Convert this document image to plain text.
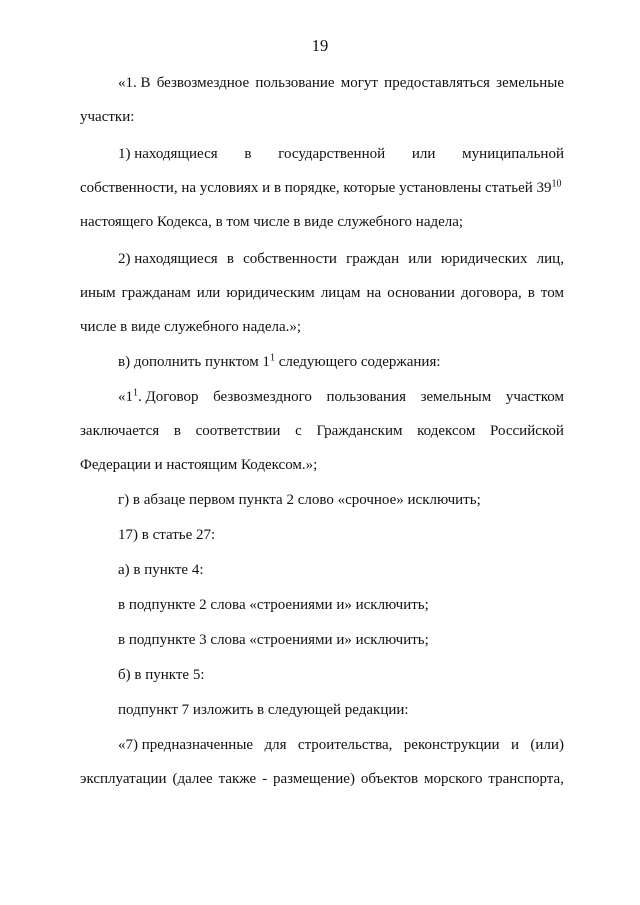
19
«1. В безвозмездное пользование могут предоставляться земельные
участки:
1) находящиеся в государственной или муниципальной
собственности, на условиях и в порядке, которые установлены статьей $39^{10}$
настоящего Кодекса, в том числе в виде служебного надела;
2) находящиеся в собственности граждан или юридических лиц,
иным гражданам или юридическим лицам на основании договора, в том
числе в виде служебного надела.»;
в) дополнить пунктом $1^1$ следующего содержания:
«$1^1$. Договор безвозмездного пользования земельным участком
заключается в соответствии с Гражданским кодексом Российской
Федерации и настоящим Кодексом.»;
г) в абзаце первом пункта 2 слово «срочное» исключить;
17) в статье 27:
а) в пункте 4:
в подпункте 2 слова «строениями и» исключить;
в подпункте 3 слова «строениями и» исключить;
б) в пункте 5:
подпункт 7 изложить в следующей редакции:
«7) предназначенные для строительства, реконструкции и (или)
эксплуатации (далее также - размещение) объектов морского транспорта,
